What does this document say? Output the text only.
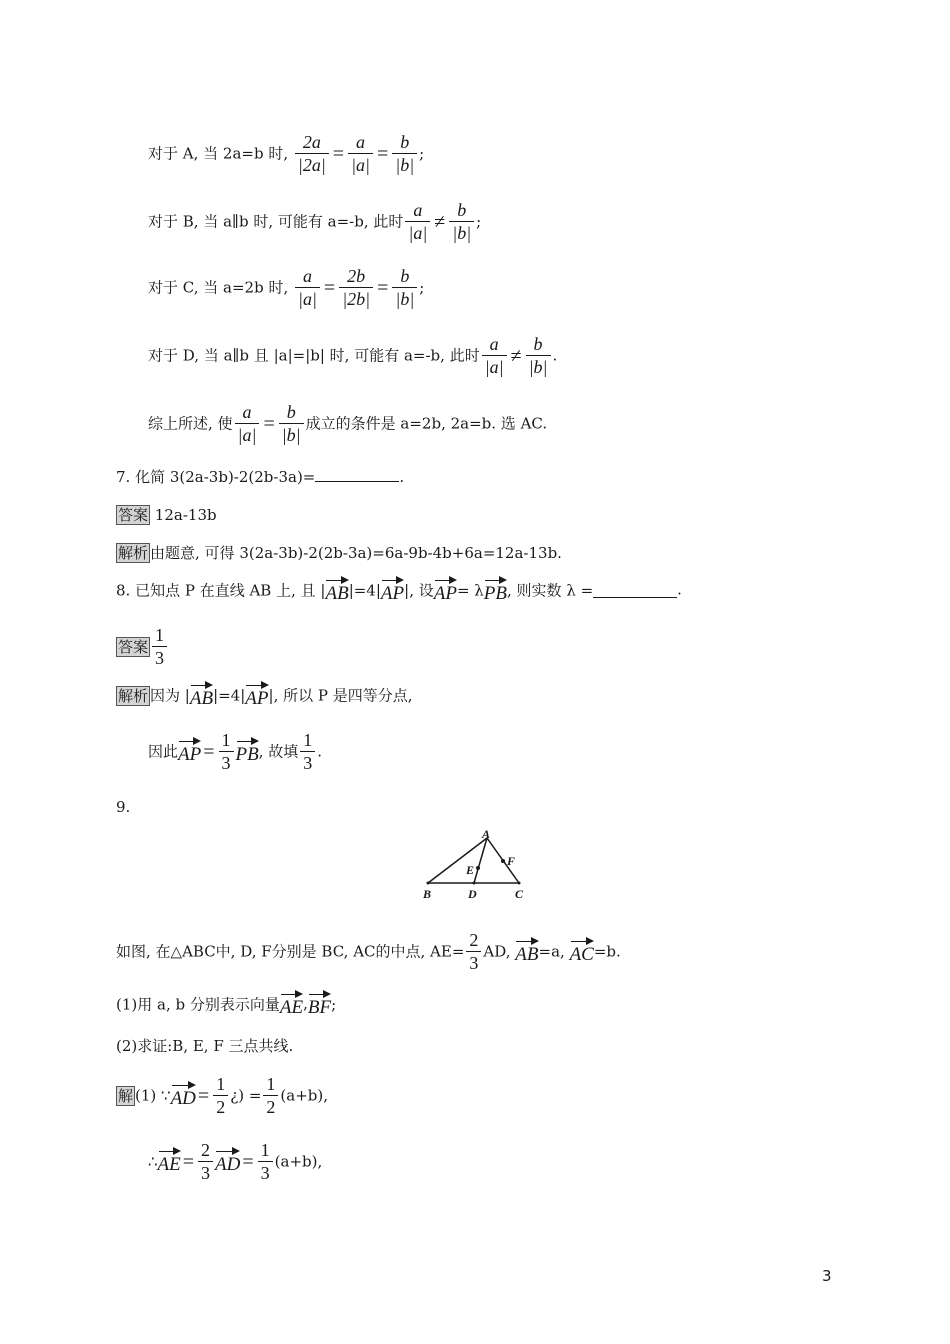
对于 A, 当 2a=b 时, $\frac{2a}{|2a|} = \frac{a}{|a|} = \frac{b}{|b|}$ ;
对于 B, 当 a∥b 时, 可能有 a=-b, 此时 $\frac{a}{|a|} \ne \frac{b}{|b|}$ ;
对于 C, 当 a=2b 时, $\frac{a}{|a|} = \frac{2b}{|2b|} = \frac{b}{|b|}$ ;
对于 D, 当 a∥b 且 |a|=|b| 时, 可能有 a=-b, 此时 $\frac{a}{|a|} \ne \frac{b}{|b|}$ .
综上所述, 使 $\frac{a}{|a|} = \frac{b}{|b|}$ 成立的条件是 a=2b, 2a=b. 选 AC.
7. 化简 3(2a-3b)-2(2b-3a)=	.
答案 12a-13b
解析 由题意, 可得 3(2a-3b)-2(2b-3a)=6a-9b-4b+6a=12a-13b.
8. 已知点 P 在直线 AB 上, 且 |AB|=4|AP|, 设AP= λPB, 则实数 λ =	.
答案 $\frac{1}{3}$
解析 因为 |AB|=4|AP|, 所以 P 是四等分点,
因此AP = $\frac{1}{3}$ PB, 故填 $\frac{1}{3}$ .
9.
A
B	C
D
E
F
如图, 在△ABC中, D, F分别是 BC, AC的中点, $AE= \frac{2}{3}$ AD, AB=a, AC=b.
(1)用 a, b 分别表示向量AE,BF;
(2)求证:B, E, F 三点共线.
解 (1) ∵AD = $\frac{1}{2}$ ¿) = $\frac{1}{2} (a+b)$,
∴AE = $\frac{2}{3}$ AD = $\frac{1}{3} (a+b)$,
3
